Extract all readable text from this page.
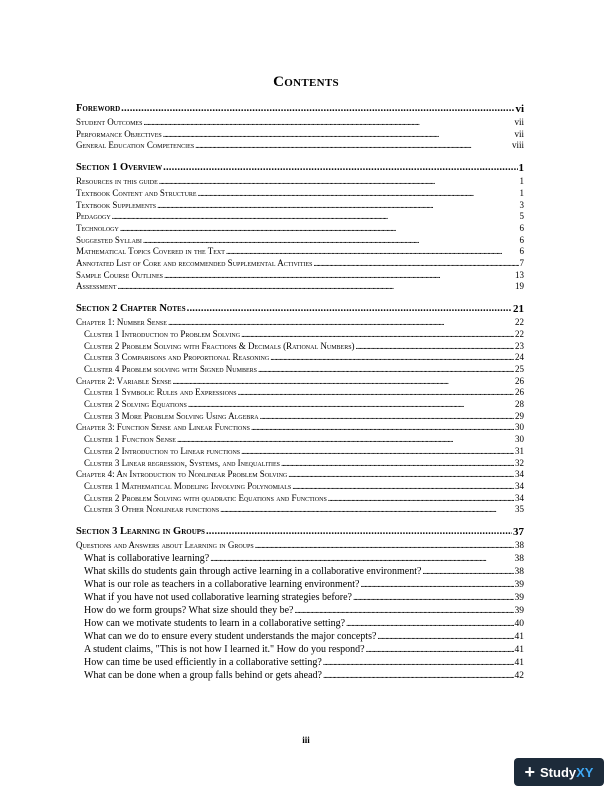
Contents
Foreword . . .	vi
Student Outcomes . . .	vii
Performance Objectives . . .	vii
General Education Competencies . . .	viii
Section 1 Overview . . .	1
Resources in this guide . . .	1
Textbook Content and Structure . . .	1
Textbook Supplements . . .	3
Pedagogy . . .	5
Technology . . .	6
Suggested Syllabi . . .	6
Mathematical Topics Covered in the Text . . .	6
Annotated List of Core and recommended Supplemental Activities . . .	7
Sample Course Outlines . . .	13
Assessment . . .	19
Section 2 Chapter Notes . . .	21
Chapter 1: Number Sense . . .	22
Cluster 1 Introduction to Problem Solving . . .	22
Cluster 2 Problem Solving with Fractions & Decimals (Rational Numbers) . . .	23
Cluster 3 Comparisons and Proportional Reasoning . . .	24
Cluster 4 Problem solving with Signed Numbers . . .	25
Chapter 2: Variable Sense . . .	26
Cluster 1 Symbolic Rules and Expressions . . .	26
Cluster 2 Solving Equations . . .	28
Cluster 3 More Problem Solving Using Algebra . . .	29
Chapter 3: Function Sense and Linear Functions . . .	30
Cluster 1 Function Sense . . .	30
Cluster 2 Introduction to Linear functions . . .	31
Cluster 3 Linear regression, Systems, and Inequalities . . .	32
Chapter 4: An Introduction to Nonlinear Problem Solving . . .	34
Cluster 1 Mathematical Modeling Involving Polynomials . . .	34
Cluster 2 Problem Solving with quadratic Equations and Functions . . .	34
Cluster 3 Other Nonlinear functions . . .	35
Section 3 Learning in Groups . . .	37
Questions and Answers about Learning in Groups . . .	38
What is collaborative learning? . . .	38
What skills do students gain through active learning in a collaborative environment? . . .	38
What is our role as teachers in a collaborative learning environment? . . .	39
What if you have not used collaborative learning strategies before? . . .	39
How do we form groups? What size should they be? . . .	39
How can we motivate students to learn in a collaborative setting? . . .	40
What can we do to ensure every student understands the major concepts? . . .	41
A student claims, "This is not how I learned it." How do you respond? . . .	41
How can time be used efficiently in a collaborative setting? . . .	41
What can be done when a group falls behind or gets ahead? . . .	42
iii
+ StudyXY
